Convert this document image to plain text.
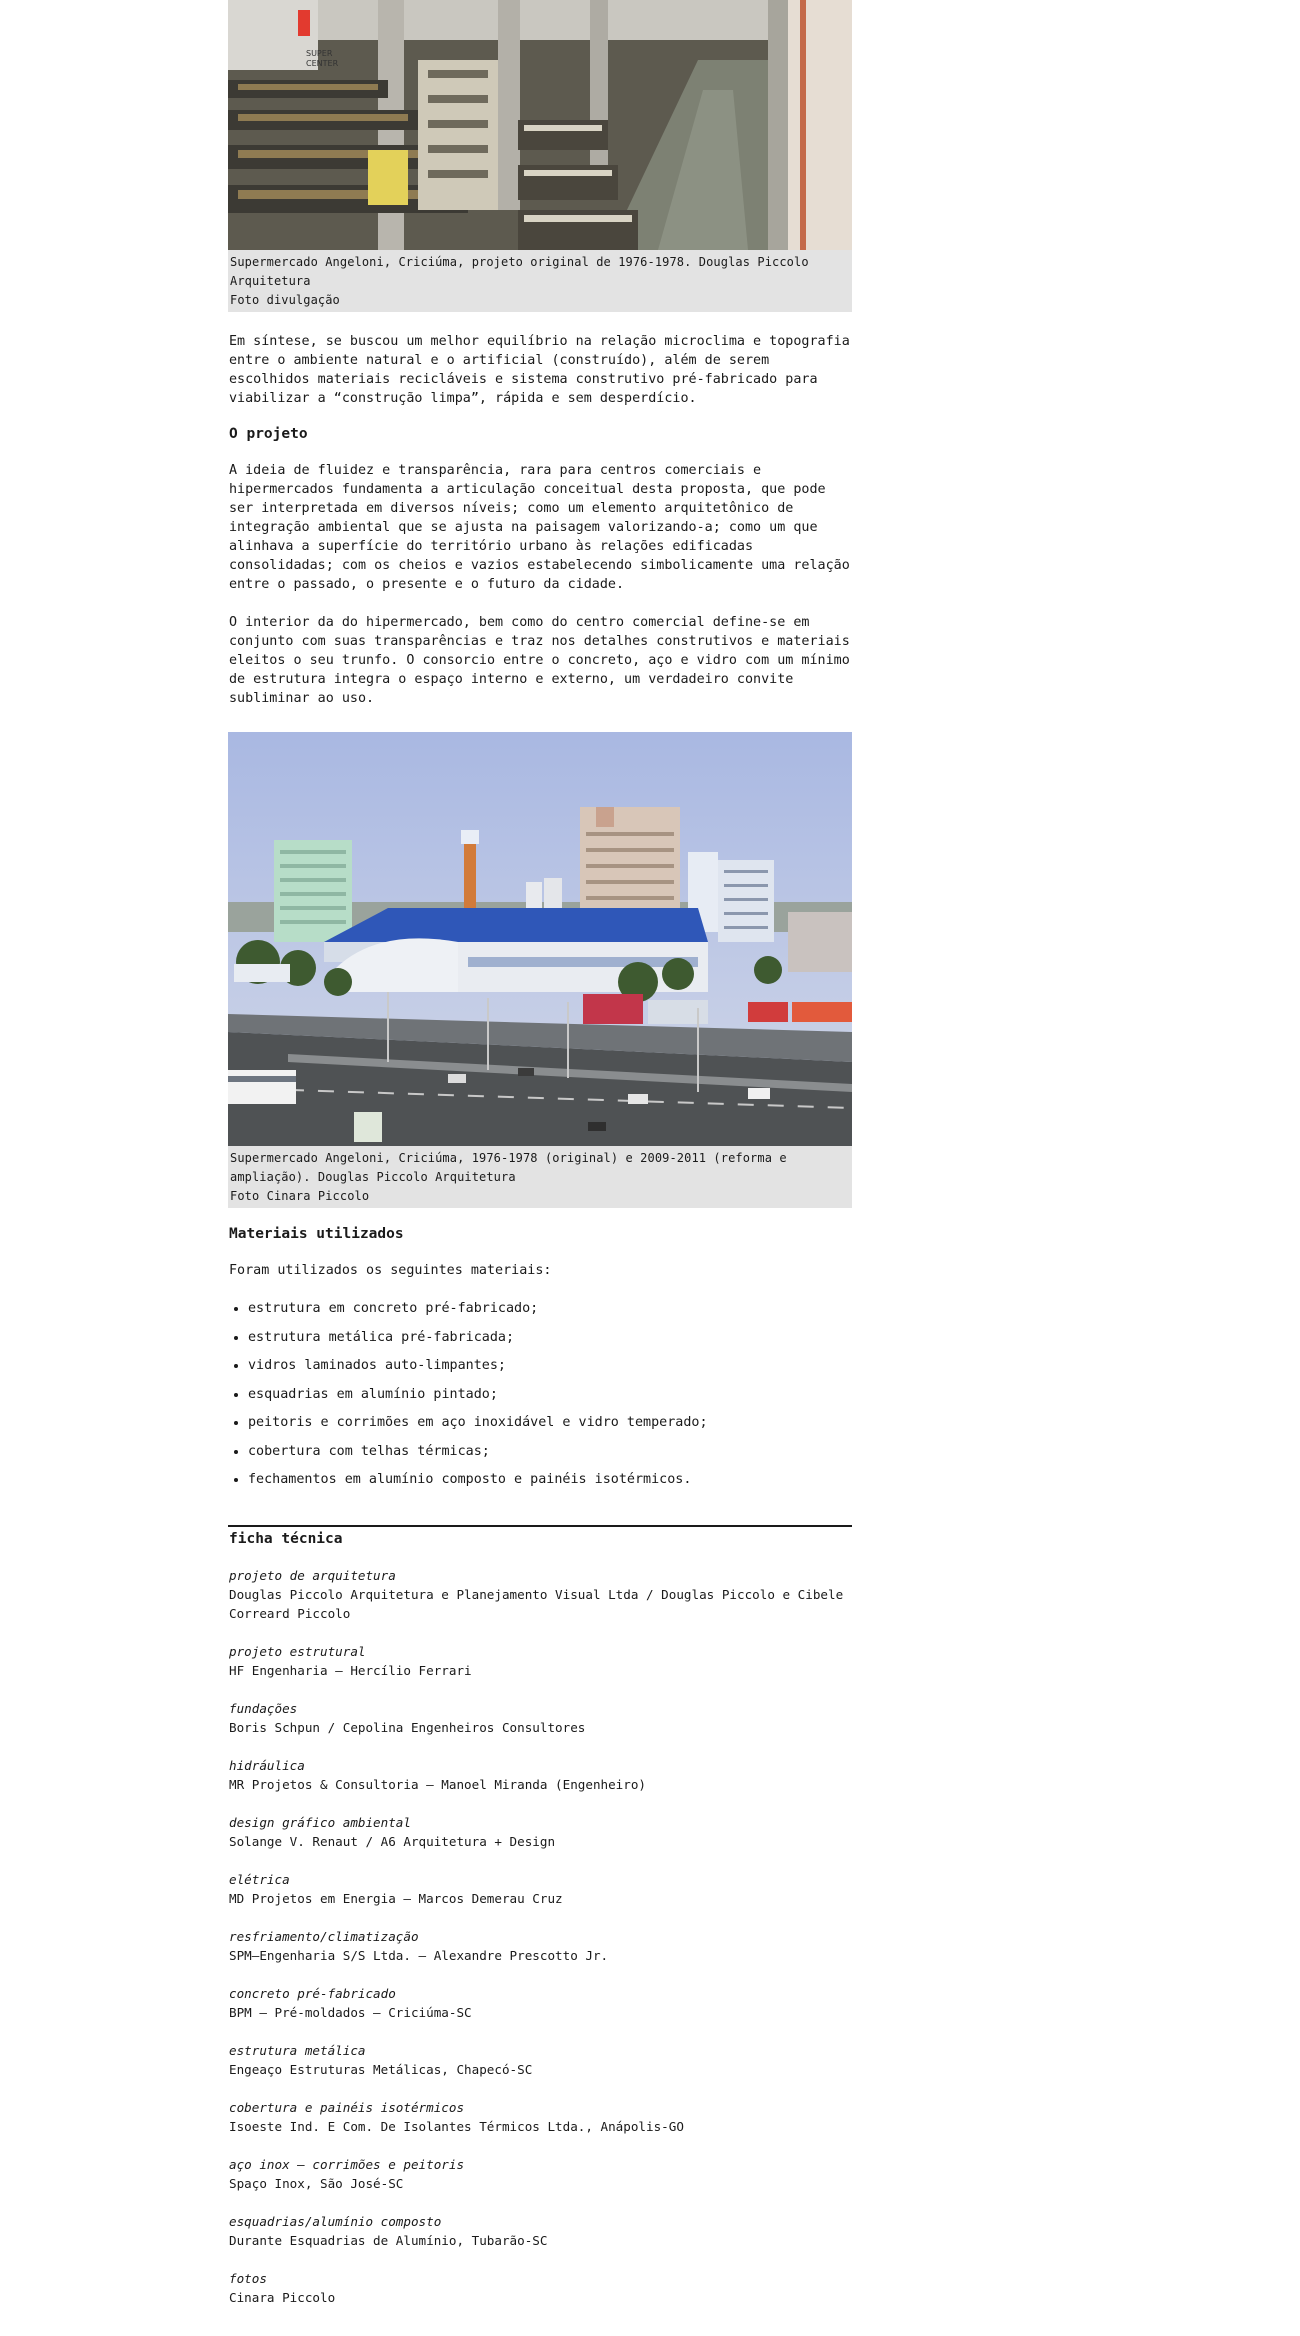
SUPER
CENTER
Supermercado Angeloni, Criciúma, projeto original de 1976-1978. Douglas Piccolo Arquitetura
Foto divulgação

Em síntese, se buscou um melhor equilíbrio na relação microclima e topografia entre o ambiente natural e o artificial (construído), além de serem escolhidos materiais recicláveis e sistema construtivo pré-fabricado para viabilizar a “construção limpa”, rápida e sem desperdício.

O projeto

A ideia de fluidez e transparência, rara para centros comerciais e hipermercados fundamenta a articulação conceitual desta proposta, que pode ser interpretada em diversos níveis; como um elemento arquitetônico de integração ambiental que se ajusta na paisagem valorizando-a; como um que alinhava a superfície do território urbano às relações edificadas consolidadas; com os cheios e vazios estabelecendo simbolicamente uma relação entre o passado, o presente e o futuro da cidade.

O interior da do hipermercado, bem como do centro comercial define-se em conjunto com suas transparências e traz nos detalhes construtivos e materiais eleitos o seu trunfo. O consorcio entre o concreto, aço e vidro com um mínimo de estrutura integra o espaço interno e externo, um verdadeiro convite subliminar ao uso.

Supermercado Angeloni, Criciúma, 1976-1978 (original) e 2009-2011 (reforma e ampliação). Douglas Piccolo Arquitetura
Foto Cinara Piccolo
Materiais utilizados

Foram utilizados os seguintes materiais:

• estrutura em concreto pré-fabricado;
• estrutura metálica pré-fabricada;
• vidros laminados auto-limpantes;
• esquadrias em alumínio pintado;
• peitoris e corrimões em aço inoxidável e vidro temperado;
• cobertura com telhas térmicas;
• fechamentos em alumínio composto e painéis isotérmicos.
ficha técnica
projeto de arquitetura
Douglas Piccolo Arquitetura e Planejamento Visual Ltda / Douglas Piccolo e Cibele Correard Piccolo
projeto estrutural
HF Engenharia – Hercílio Ferrari
fundações
Boris Schpun / Cepolina Engenheiros Consultores
hidráulica
MR Projetos & Consultoria – Manoel Miranda (Engenheiro)
design gráfico ambiental
Solange V. Renaut / A6 Arquitetura + Design
elétrica
MD Projetos em Energia – Marcos Demerau Cruz
resfriamento/climatização
SPM–Engenharia S/S Ltda. – Alexandre Prescotto Jr.
concreto pré-fabricado
BPM – Pré-moldados – Criciúma-SC
estrutura metálica
Engeaço Estruturas Metálicas, Chapecó-SC
cobertura e painéis isotérmicos
Isoeste Ind. E Com. De Isolantes Térmicos Ltda., Anápolis-GO
aço inox – corrimões e peitoris
Spaço Inox, São José-SC
esquadrias/alumínio composto
Durante Esquadrias de Alumínio, Tubarão-SC
fotos
Cinara Piccolo
